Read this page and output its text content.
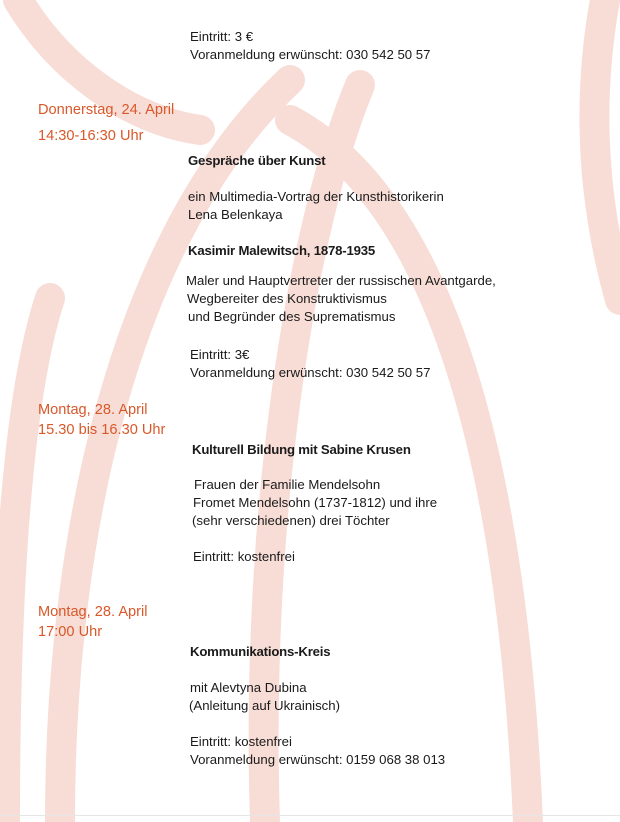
Eintritt: 3 €

Voranmeldung erwünscht: 030 542 50 57

Donnerstag, 24. April

14:30-16:30 Uhr

Gespräche über Kunst

ein Multimedia-Vortrag der Kunsthistorikerin

Lena Belenkaya

Kasimir Malewitsch, 1878-1935

Maler und Hauptvertreter der russischen Avantgarde,

Wegbereiter des Konstruktivismus

und Begründer des Suprematismus

Eintritt: 3€

Voranmeldung erwünscht: 030 542 50 57

Montag, 28. April

15.30 bis 16.30 Uhr

Kulturell Bildung mit Sabine Krusen

Frauen der Familie Mendelsohn

Fromet Mendelsohn (1737-1812) und ihre

(sehr verschiedenen) drei Töchter

Eintritt: kostenfrei

Montag, 28. April

17:00 Uhr

Kommunikations-Kreis

mit Alevtyna Dubina

(Anleitung auf Ukrainisch)

Eintritt: kostenfrei

Voranmeldung erwünscht: 0159 068 38 013
